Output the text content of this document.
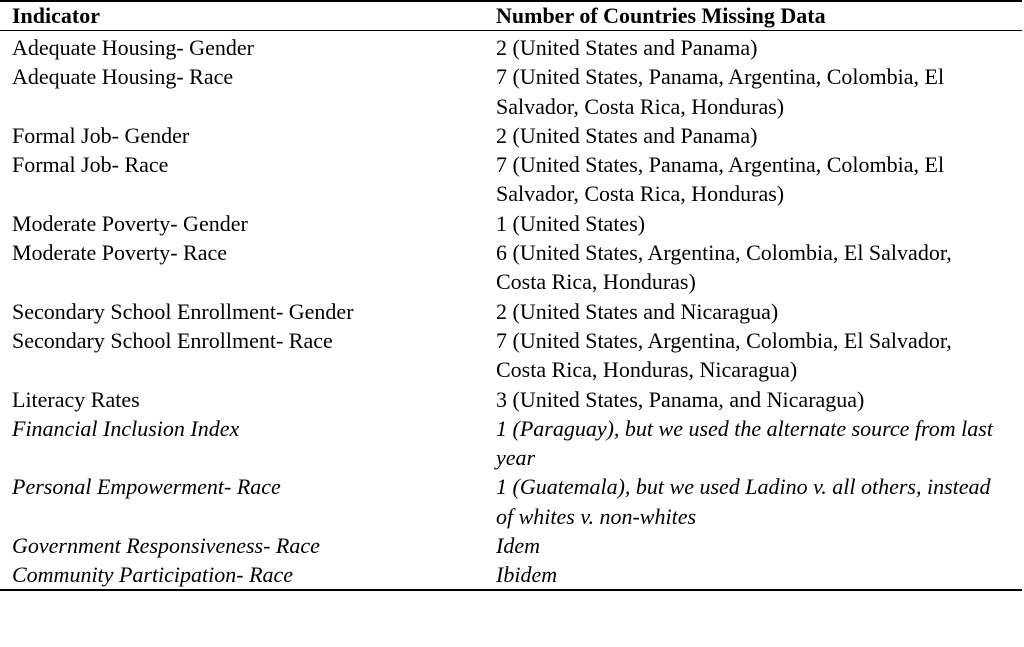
Indicator	Number of Countries Missing Data
Adequate Housing- Gender	2 (United States and Panama)
Adequate Housing- Race	7 (United States, Panama, Argentina, Colombia, El Salvador, Costa Rica, Honduras)
Formal Job- Gender	2 (United States and Panama)
Formal Job- Race	7 (United States, Panama, Argentina, Colombia, El Salvador, Costa Rica, Honduras)
Moderate Poverty- Gender	1 (United States)
Moderate Poverty- Race	6 (United States, Argentina, Colombia, El Salvador, Costa Rica, Honduras)
Secondary School Enrollment- Gender	2 (United States and Nicaragua)
Secondary School Enrollment- Race	7 (United States, Argentina, Colombia, El Salvador, Costa Rica, Honduras, Nicaragua)
Literacy Rates	3 (United States, Panama, and Nicaragua)
Financial Inclusion Index	1 (Paraguay), but we used the alternate source from last year
Personal Empowerment- Race	1 (Guatemala), but we used Ladino v. all others, instead of whites v. non-whites
Government Responsiveness- Race	Idem
Community Participation- Race	Ibidem
